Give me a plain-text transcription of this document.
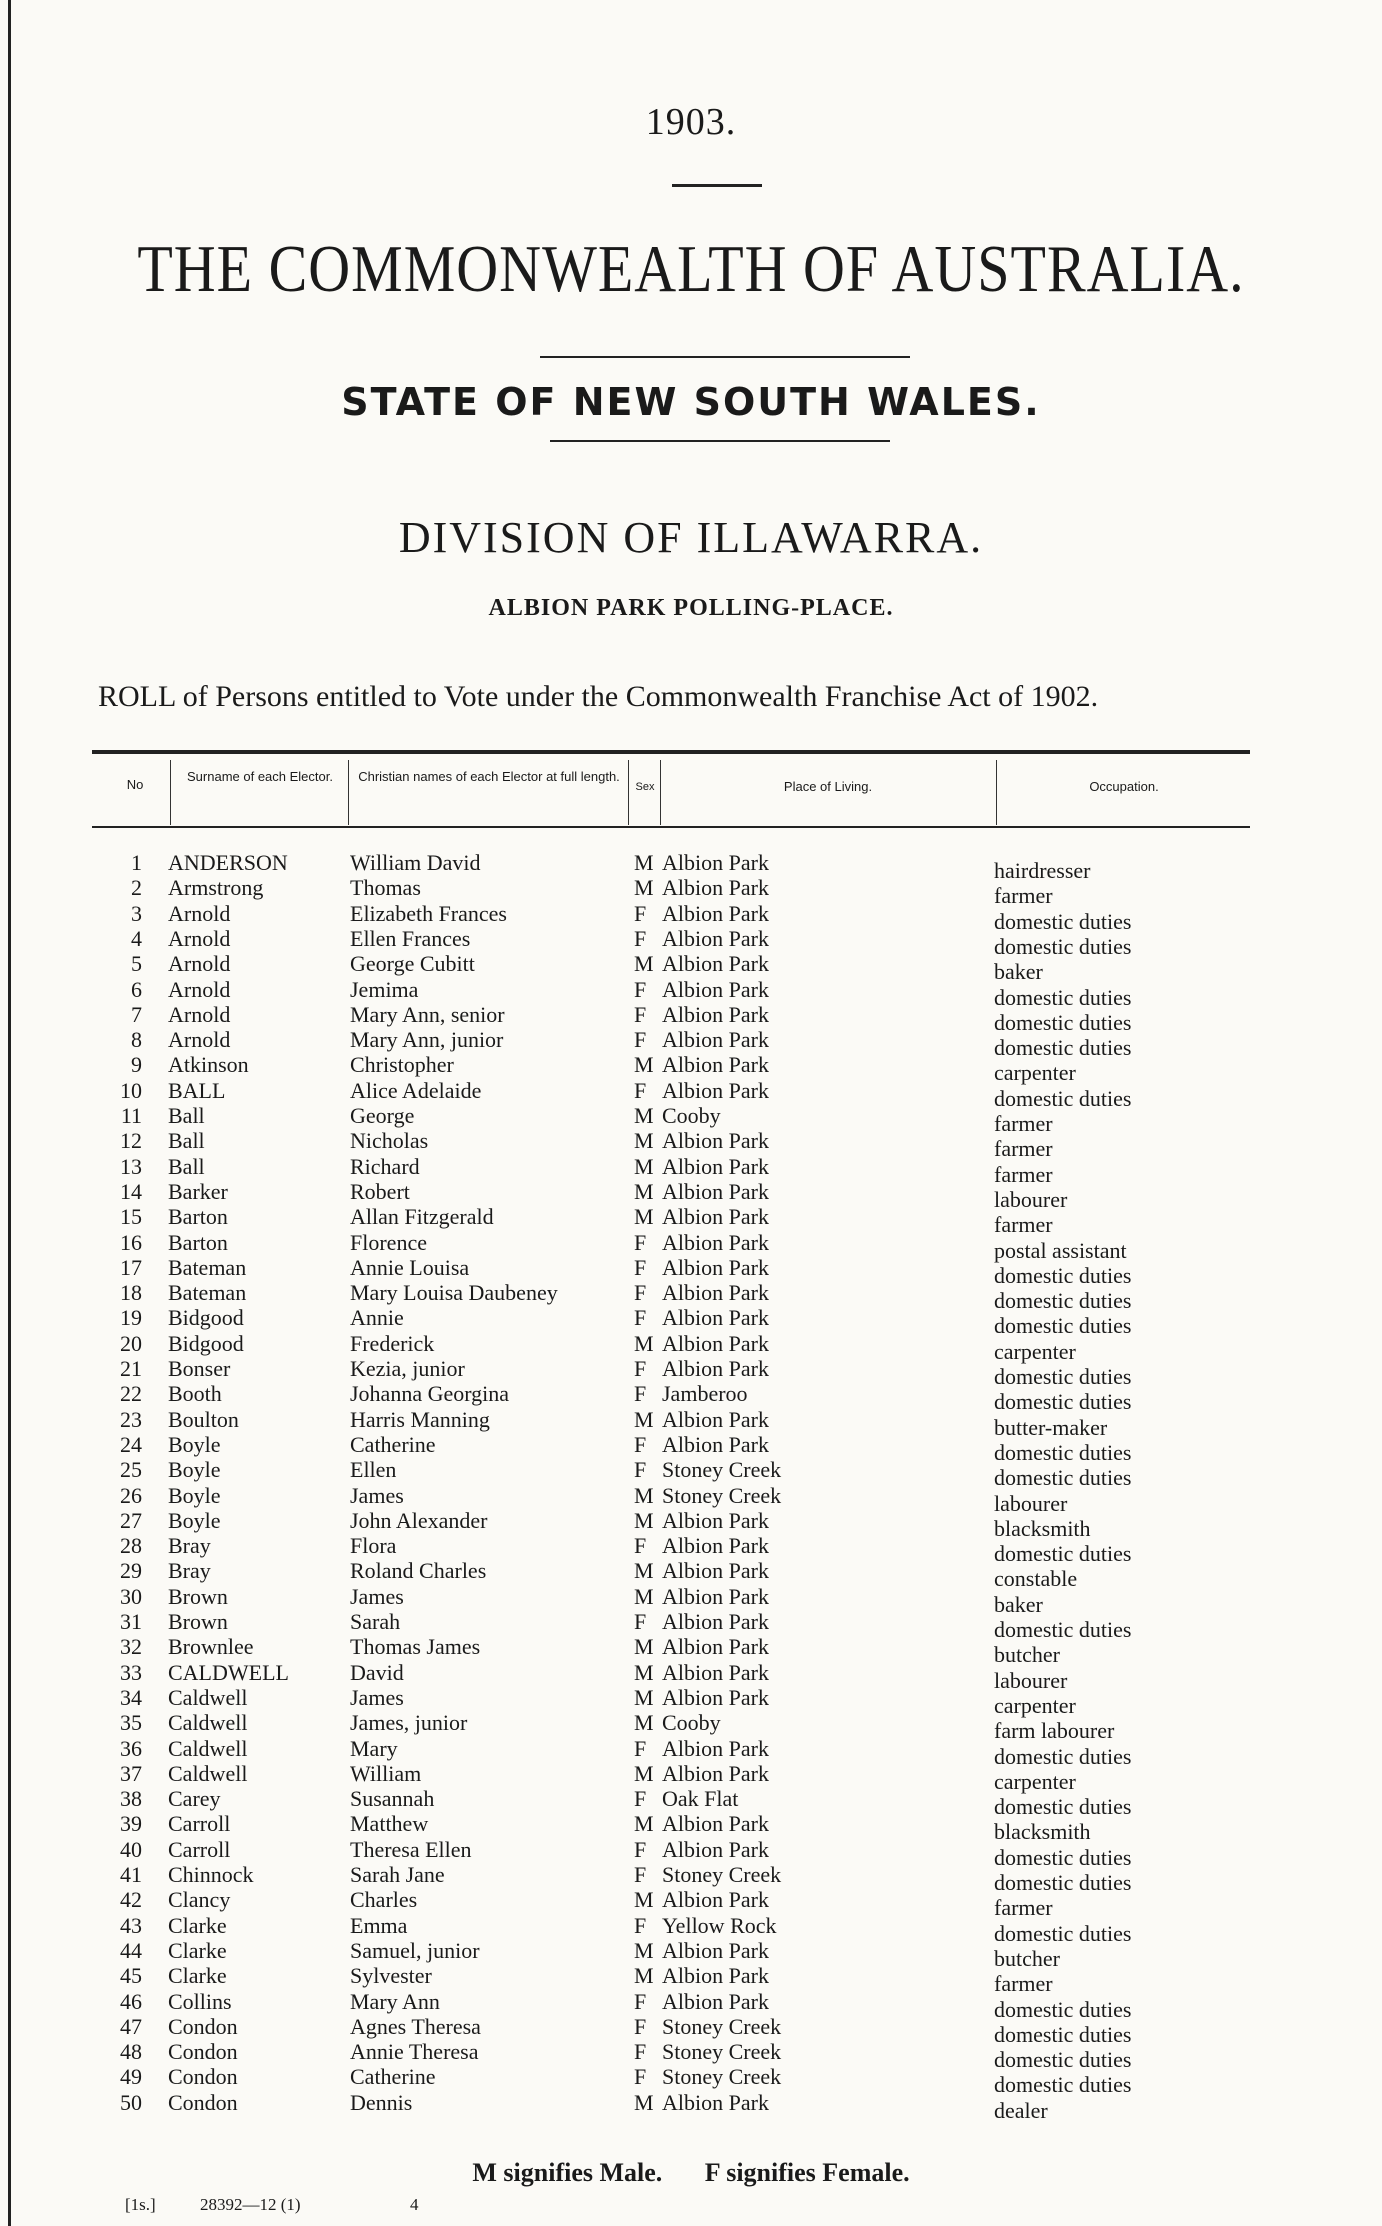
1903.
THE COMMONWEALTH OF AUSTRALIA.
STATE OF NEW SOUTH WALES.
DIVISION OF ILLAWARRA.
ALBION PARK POLLING-PLACE.
ROLL of Persons entitled to Vote under the Commonwealth Franchise Act of 1902.
No
Surname of each Elector.	Christian names of each Elector at full length.
Sex	Place of Living.	Occupation.
1 ANDERSON	William David	M Albion Park	hairdresser
2 Armstrong	Thomas	M Albion Park	farmer
3 Arnold	Elizabeth Frances	F Albion Park	domestic duties
4 Arnold	Ellen Frances	F Albion Park	domestic duties
5 Arnold	George Cubitt	M Albion Park	baker
6 Arnold	Jemima	F Albion Park	domestic duties
7 Arnold	Mary Ann, senior	F Albion Park	domestic duties
8 Arnold	Mary Ann, junior	F Albion Park	domestic duties
9 Atkinson	Christopher	M Albion Park	carpenter
10 BALL	Alice Adelaide	F Albion Park	domestic duties
11 Ball	George	M Cooby	farmer
12 Ball	Nicholas	M Albion Park	farmer
13 Ball	Richard	M Albion Park	farmer
14 Barker	Robert	M Albion Park	labourer
15 Barton	Allan Fitzgerald	M Albion Park	farmer
16 Barton	Florence	F Albion Park	postal assistant
17 Bateman	Annie Louisa	F Albion Park	domestic duties
18 Bateman	Mary Louisa Daubeney	F Albion Park	domestic duties
19 Bidgood	Annie	F Albion Park	domestic duties
20 Bidgood	Frederick	M Albion Park	carpenter
21 Bonser	Kezia, junior	F Albion Park	domestic duties
22 Booth	Johanna Georgina	F Jamberoo	domestic duties
23 Boulton	Harris Manning	M Albion Park	butter-maker
24 Boyle	Catherine	F Albion Park	domestic duties
25 Boyle	Ellen	F Stoney Creek	domestic duties
26 Boyle	James	M Stoney Creek	labourer
27 Boyle	John Alexander	M Albion Park	blacksmith
28 Bray	Flora	F Albion Park	domestic duties
29 Bray	Roland Charles	M Albion Park	constable
30 Brown	James	M Albion Park	baker
31 Brown	Sarah	F Albion Park	domestic duties
32 Brownlee	Thomas James	M Albion Park	butcher
33 CALDWELL	David	M Albion Park	labourer
34 Caldwell	James	M Albion Park	carpenter
35 Caldwell	James, junior	M Cooby	farm labourer
36 Caldwell	Mary	F Albion Park	domestic duties
37 Caldwell	William	M Albion Park	carpenter
38 Carey	Susannah	F Oak Flat	domestic duties
39 Carroll	Matthew	M Albion Park	blacksmith
40 Carroll	Theresa Ellen	F Albion Park	domestic duties
41 Chinnock	Sarah Jane	F Stoney Creek	domestic duties
42 Clancy	Charles	M Albion Park	farmer
43 Clarke	Emma	F Yellow Rock	domestic duties
44 Clarke	Samuel, junior	M Albion Park	butcher
45 Clarke	Sylvester	M Albion Park	farmer
46 Collins	Mary Ann	F Albion Park	domestic duties
47 Condon	Agnes Theresa	F Stoney Creek	domestic duties
48 Condon	Annie Theresa	F Stoney Creek	domestic duties
49 Condon	Catherine	F Stoney Creek	domestic duties
50 Condon	Dennis	M Albion Park	dealer
M signifies Male. F signifies Female.
[1s.]	28392—12 (1)	4
